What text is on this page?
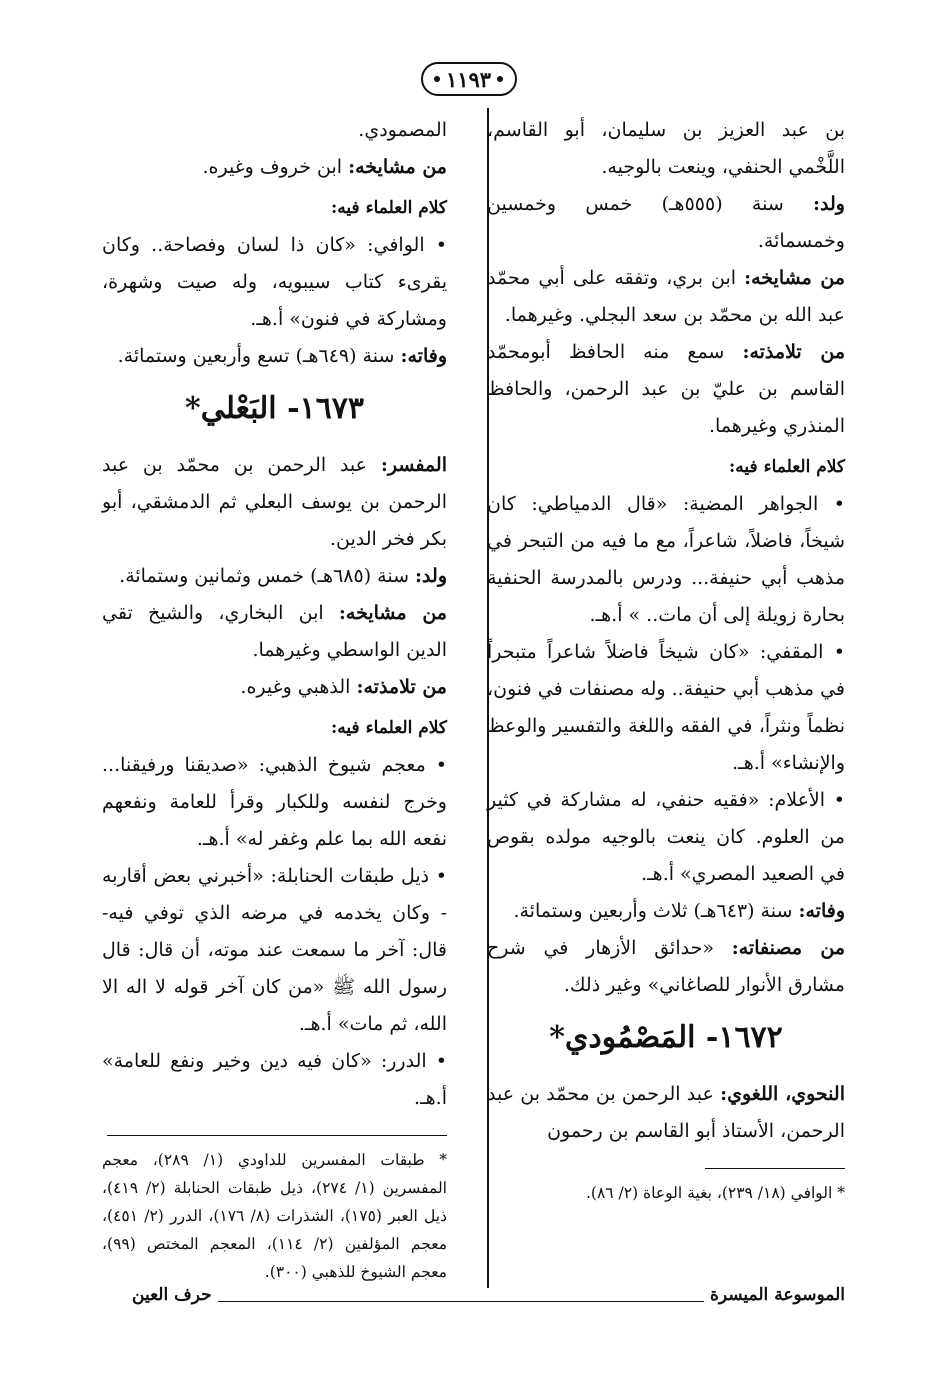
١١٩٣

بن عبد العزيز بن سليمان، أبو القاسم، اللَّخْمي الحنفي، وينعت بالوجيه.

ولد: سنة (٥٥٥هـ) خمس وخمسين وخمسمائة.

من مشايخه: ابن بري، وتفقه على أبي محمّد عبد الله بن محمّد بن سعد البجلي. وغيرهما.

من تلامذته: سمع منه الحافظ أبومحمّد القاسم بن عليّ بن عبد الرحمن، والحافظ المنذري وغيرهما.

كلام العلماء فيه:

• الجواهر المضية: «قال الدمياطي: كان شيخاً، فاضلاً، شاعراً، مع ما فيه من التبحر في مذهب أبي حنيفة... ودرس بالمدرسة الحنفية بحارة زويلة إلى أن مات.. » أ.هـ.

• المقفي: «كان شيخاً فاضلاً شاعراً متبحراً في مذهب أبي حنيفة.. وله مصنفات في فنون، نظماً ونثراً، في الفقه واللغة والتفسير والوعظ والإنشاء» أ.هـ.

• الأعلام: «فقيه حنفي، له مشاركة في كثير من العلوم. كان ينعت بالوجيه مولده بقوص في الصعيد المصري» أ.هـ.

وفاته: سنة (٦٤٣هـ) ثلاث وأربعين وستمائة.

من مصنفاته: «حدائق الأزهار في شرح مشارق الأنوار للصاغاني» وغير ذلك.

١٦٧٢- المَصْمُودي*

النحوي، اللغوي: عبد الرحمن بن محمّد بن عبد الرحمن، الأستاذ أبو القاسم بن رحمون

* الوافي (١٨/ ٢٣٩)، بغية الوعاة (٢/ ٨٦).

المصمودي.

من مشايخه: ابن خروف وغيره.

كلام العلماء فيه:

• الوافي: «كان ذا لسان وفصاحة.. وكان يقرىء كتاب سيبويه، وله صيت وشهرة، ومشاركة في فنون» أ.هـ.

وفاته: سنة (٦٤٩هـ) تسع وأربعين وستمائة.

١٦٧٣- البَعْلي*

المفسر: عبد الرحمن بن محمّد بن عبد الرحمن بن يوسف البعلي ثم الدمشقي، أبو بكر فخر الدين.

ولد: سنة (٦٨٥هـ) خمس وثمانين وستمائة.

من مشايخه: ابن البخاري، والشيخ تقي الدين الواسطي وغيرهما.

من تلامذته: الذهبي وغيره.

كلام العلماء فيه:

• معجم شيوخ الذهبي: «صديقنا ورفيقنا... وخرج لنفسه وللكبار وقرأ للعامة ونفعهم نفعه الله بما علم وغفر له» أ.هـ.

• ذيل طبقات الحنابلة: «أخبرني بعض أقاربه - وكان يخدمه في مرضه الذي توفي فيه- قال: آخر ما سمعت عند موته، أن قال: قال رسول الله ﷺ «من كان آخر قوله لا اله الا الله، ثم مات» أ.هـ.

• الدرر: «كان فيه دين وخير ونفع للعامة» أ.هـ.

* طبقات المفسرين للداودي (١/ ٢٨٩)، معجم المفسرين (١/ ٢٧٤)، ذيل طبقات الحنابلة (٢/ ٤١٩)، ذيل العبر (١٧٥)، الشذرات (٨/ ١٧٦)، الدرر (٢/ ٤٥١)، معجم المؤلفين (٢/ ١١٤)، المعجم المختص (٩٩)، معجم الشيوخ للذهبي (٣٠٠).

الموسوعة الميسرة
حرف العين
